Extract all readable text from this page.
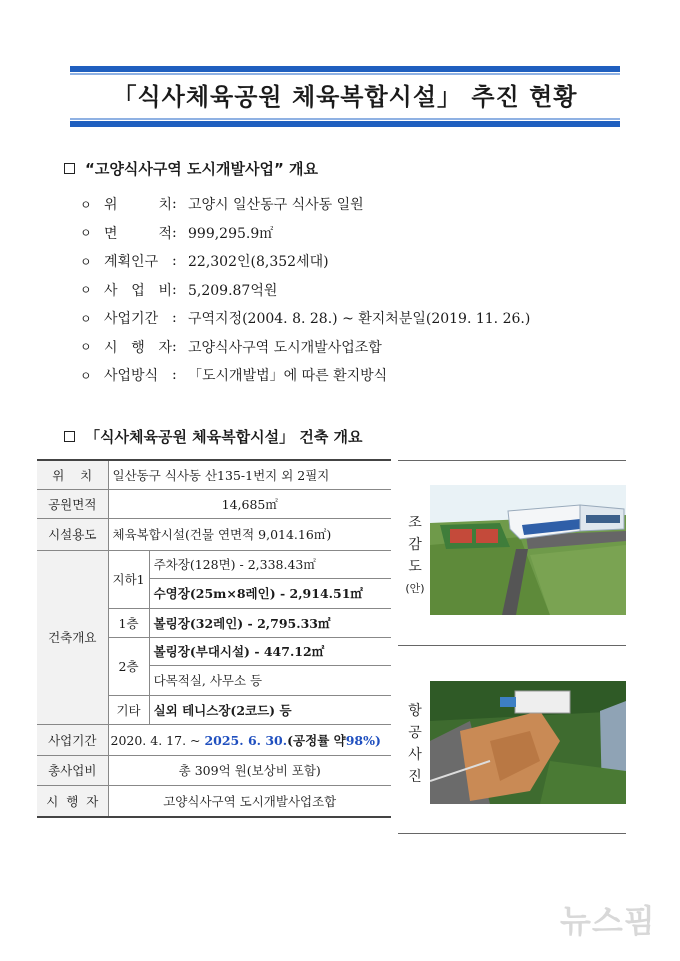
「식사체육공원 체육복합시설」 추진 현황
“고양식사구역 도시개발사업” 개요
ㅇ 위	치 : 고양시 일산동구 식사동 일원
ㅇ 면	적 : 999,295.9㎡
ㅇ 계획인구 : 22,302인(8,352세대)
ㅇ 사 업 비 : 5,209.87억원
ㅇ 사업기간 : 구역지정(2004. 8. 28.) ~ 환지처분일(2019. 11. 26.)
ㅇ 시 행 자 : 고양식사구역 도시개발사업조합
ㅇ 사업방식 : 「도시개발법」에 따른 환지방식
「식사체육공원 체육복합시설」 건축 개요
위    치	일산동구 식사동 산135-1번지 외 2필지	
공원면적	14,685㎡	
시설용도	체육복합시설(건물 연면적 9,014.16㎡)	
건축개요	지하1	주차장(128면) - 2,338.43㎡
		수영장(25m×8레인) - 2,914.51㎡
	1층	볼링장(32레인) - 2,795.33㎡
	2층	볼링장(부대시설) - 447.12㎡
		다목적실, 사무소 등
	기타	실외 테니스장(2코드) 등
사업기간	2020. 4. 17. ~ 2025. 6. 30.(공정률 약98%)	
총사업비	총 309억 원(보상비 포함)	
시  행  자	고양식사구역 도시개발사업조합	
조
감
도
(안)
항
공
사
진
뉴스핌
